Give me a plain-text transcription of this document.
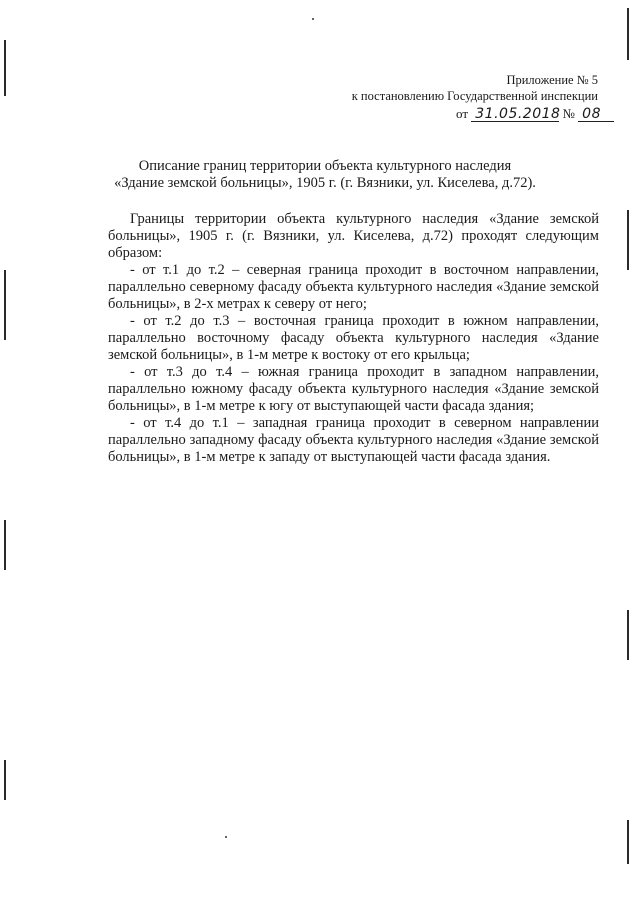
Приложение № 5
к постановлению Государственной инспекции
от 31.05.2018 № 08
Описание границ территории объекта культурного наследия
«Здание земской больницы», 1905 г. (г. Вязники, ул. Киселева, д.72).

Границы территории объекта культурного наследия «Здание земской больницы», 1905 г. (г. Вязники, ул. Киселева, д.72) проходят следующим образом:

- от т.1 до т.2 – северная граница проходит в восточном направлении, параллельно северному фасаду объекта культурного наследия «Здание земской больницы», в 2-х метрах к северу от него;

- от т.2 до т.3 – восточная граница проходит в южном направлении, параллельно восточному фасаду объекта культурного наследия «Здание земской больницы», в 1-м метре к востоку от его крыльца;

- от т.3 до т.4 – южная граница проходит в западном направлении, параллельно южному фасаду объекта культурного наследия «Здание земской больницы», в 1-м метре к югу от выступающей части фасада здания;

- от т.4 до т.1 – западная граница проходит в северном направлении параллельно западному фасаду объекта культурного наследия «Здание земской больницы», в 1-м метре к западу от выступающей части фасада здания.
